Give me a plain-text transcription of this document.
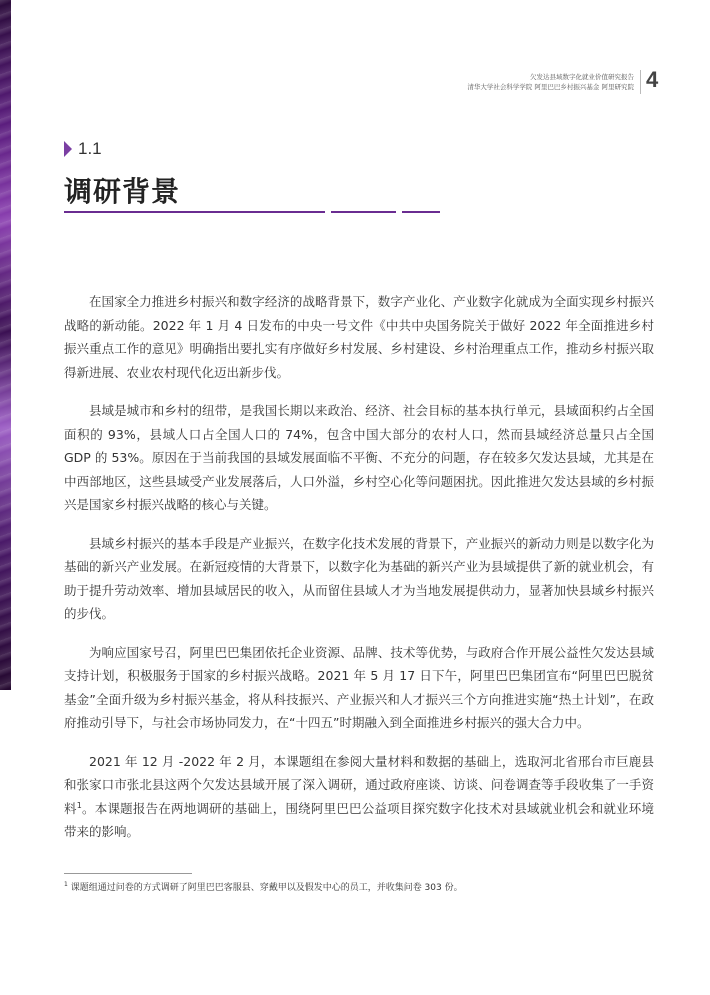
欠发达县域数字化就业价值研究报告
清华大学社会科学学院 阿里巴巴乡村振兴基金 阿里研究院 4
1.1
调研背景

在国家全力推进乡村振兴和数字经济的战略背景下，数字产业化、产业数字化就成为全面实现乡村振兴战略的新动能。2022 年 1 月 4 日发布的中央一号文件《中共中央国务院关于做好 2022 年全面推进乡村振兴重点工作的意见》明确指出要扎实有序做好乡村发展、乡村建设、乡村治理重点工作，推动乡村振兴取得新进展、农业农村现代化迈出新步伐。

县域是城市和乡村的纽带，是我国长期以来政治、经济、社会目标的基本执行单元，县域面积约占全国面积的 93%，县域人口占全国人口的 74%，包含中国大部分的农村人口，然而县域经济总量只占全国 GDP 的 53%。原因在于当前我国的县域发展面临不平衡、不充分的问题，存在较多欠发达县域，尤其是在中西部地区，这些县域受产业发展落后，人口外溢，乡村空心化等问题困扰。因此推进欠发达县域的乡村振兴是国家乡村振兴战略的核心与关键。

县域乡村振兴的基本手段是产业振兴，在数字化技术发展的背景下，产业振兴的新动力则是以数字化为基础的新兴产业发展。在新冠疫情的大背景下，以数字化为基础的新兴产业为县域提供了新的就业机会，有助于提升劳动效率、增加县域居民的收入，从而留住县域人才为当地发展提供动力，显著加快县域乡村振兴的步伐。

为响应国家号召，阿里巴巴集团依托企业资源、品牌、技术等优势，与政府合作开展公益性欠发达县域支持计划，积极服务于国家的乡村振兴战略。2021 年 5 月 17 日下午，阿里巴巴集团宣布“阿里巴巴脱贫基金”全面升级为乡村振兴基金，将从科技振兴、产业振兴和人才振兴三个方向推进实施“热土计划”，在政府推动引导下，与社会市场协同发力，在“十四五”时期融入到全面推进乡村振兴的强大合力中。

2021 年 12 月 -2022 年 2 月，本课题组在参阅大量材料和数据的基础上，选取河北省邢台市巨鹿县和张家口市张北县这两个欠发达县域开展了深入调研，通过政府座谈、访谈、问卷调查等手段收集了一手资料$^1$。本课题报告在两地调研的基础上，围绕阿里巴巴公益项目探究数字化技术对县域就业机会和就业环境带来的影响。

$^1$ 课题组通过问卷的方式调研了阿里巴巴客服县、穿戴甲以及假发中心的员工，并收集问卷 303 份。
